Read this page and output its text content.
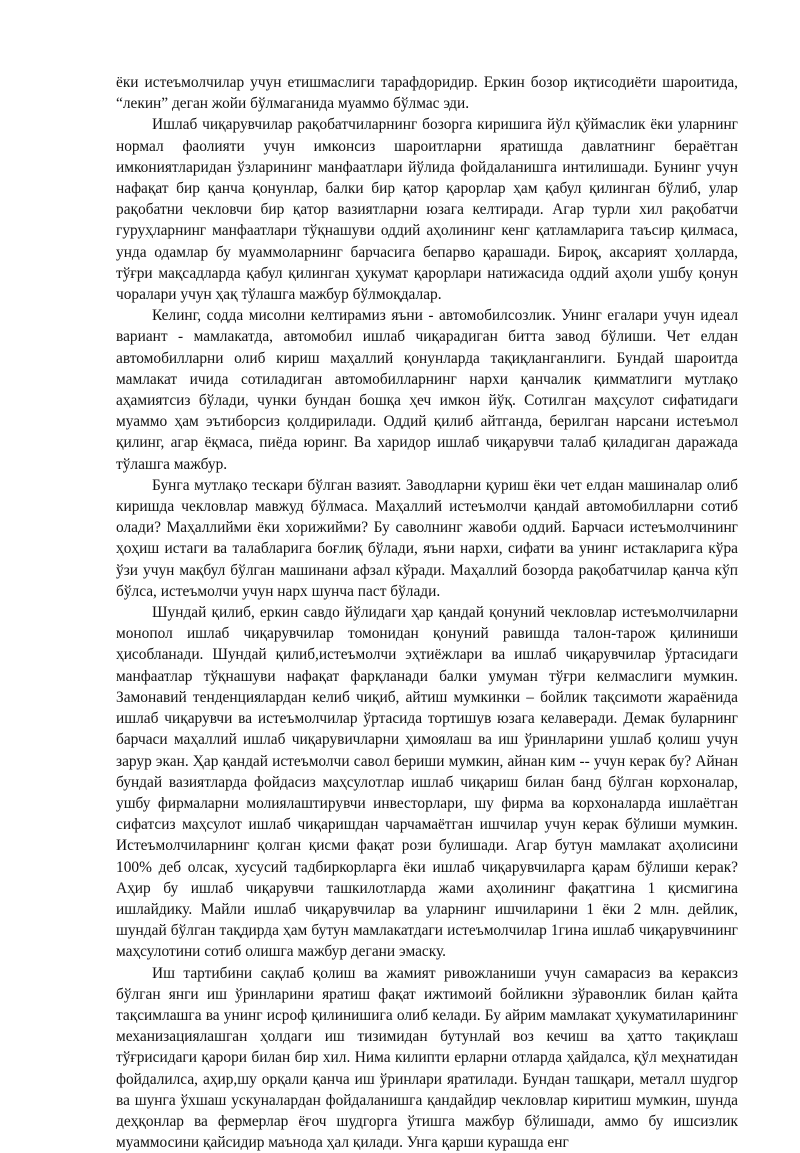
ёки истеъмолчилар учун етишмаслиги тарафдоридир. Еркин бозор иқтисодиёти шароитида, “лекин” деган жойи бўлмаганида муаммо бўлмас эди.

Ишлаб чиқарувчилар рақобатчиларнинг бозорга киришига йўл қўймаслик ёки уларнинг нормал фаолияти учун имконсиз шароитларни яратишда давлатнинг бераётган имкониятларидан ўзларининг манфаатлари йўлида фойдаланишга интилишади. Бунинг учун нафақат бир қанча қонунлар, балки бир қатор қарорлар ҳам қабул қилинган бўлиб, улар рақобатни чекловчи бир қатор вазиятларни юзага келтиради. Агар турли хил рақобатчи гуруҳларнинг манфаатлари тўқнашуви оддий аҳолининг кенг қатламларига таъсир қилмаса, унда одамлар бу муаммоларнинг барчасига бепарво қарашади. Бироқ, аксарият ҳолларда, тўғри мақсадларда қабул қилинган ҳукумат қарорлари натижасида оддий аҳоли ушбу қонун чоралари учун ҳақ тўлашга мажбур бўлмоқдалар.

Келинг, содда мисолни келтирамиз яъни - автомобилсозлик. Унинг егалари учун идеал вариант - мамлакатда, автомобил ишлаб чиқарадиган битта завод бўлиши. Чет елдан автомобилларни олиб кириш маҳаллий қонунларда тақиқланганлиги. Бундай шароитда мамлакат ичида сотиладиган автомобилларнинг нархи қанчалик қимматлиги мутлақо аҳамиятсиз бўлади, чунки бундан бошқа ҳеч имкон йўқ. Сотилган маҳсулот сифатидаги муаммо ҳам эътиборсиз қолдирилади. Оддий қилиб айтганда, берилган нарсани истеъмол қилинг, агар ёқмаса, пиёда юринг. Ва харидор ишлаб чиқарувчи талаб қиладиган даражада тўлашга мажбур.

Бунга мутлақо тескари бўлган вазият. Заводларни қуриш ёки чет елдан машиналар олиб киришда чекловлар мавжуд бўлмаса. Маҳаллий истеъмолчи қандай автомобилларни сотиб олади? Маҳаллийми ёки хорижийми? Бу саволнинг жавоби оддий. Барчаси истеъмолчининг ҳоҳиш истаги ва талабларига боғлиқ бўлади, яъни нархи, сифати ва унинг истакларига кўра ўзи учун мақбул бўлган машинани афзал кўради. Маҳаллий бозорда рақобатчилар қанча кўп бўлса, истеъмолчи учун нарх шунча паст бўлади.

Шундай қилиб, еркин савдо йўлидаги ҳар қандай қонуний чекловлар истеъмолчиларни монопол ишлаб чиқарувчилар томонидан қонуний равишда талон-тарож қилиниши ҳисобланади. Шундай қилиб,истеъмолчи эҳтиёжлари ва ишлаб чиқарувчилар ўртасидаги манфаатлар тўқнашуви нафақат фарқланади балки умуман тўғри келмаслиги мумкин. Замонавий тенденциялардан келиб чиқиб, айтиш мумкинки – бойлик тақсимоти жараёнида ишлаб чиқарувчи ва истеъмолчилар ўртасида тортишув юзага келаверади. Демак буларнинг барчаси маҳаллий ишлаб чиқарувичларни ҳимоялаш ва иш ўринларини ушлаб қолиш учун зарур экан. Ҳар қандай истеъмолчи савол бериши мумкин, айнан ким -- учун керак бу? Айнан бундай вазиятларда фойдасиз маҳсулотлар ишлаб чиқариш билан банд бўлган корхоналар, ушбу фирмаларни молиялаштирувчи инвесторлари, шу фирма ва корхоналарда ишлаётган сифатсиз маҳсулот ишлаб чиқаришдан чарчамаётган ишчилар учун керак бўлиши мумкин. Истеъмолчиларнинг қолган қисми фақат рози булишади. Агар бутун мамлакат аҳолисини 100% деб олсак, хусусий тадбиркорларга ёки ишлаб чиқарувчиларга қарам бўлиши керак? Аҳир бу ишлаб чиқарувчи ташкилотларда жами аҳолининг фақатгина 1 қисмигина ишлайдику. Майли ишлаб чиқарувчилар ва уларнинг ишчиларини 1 ёки 2 млн. дейлик, шундай бўлган тақдирда ҳам бутун мамлакатдаги истеъмолчилар 1гина ишлаб чиқарувчининг маҳсулотини сотиб олишга мажбур дегани эмаску.

Иш тартибини сақлаб қолиш ва жамият ривожланиши учун самарасиз ва кераксиз бўлган янги иш ўринларини яратиш фақат ижтимоий бойликни зўравонлик билан қайта тақсимлашга ва унинг исроф қилинишига олиб келади. Бу айрим мамлакат ҳукуматиларининг механизациялашган ҳолдаги иш тизимидан бутунлай воз кечиш ва ҳатто тақиқлаш тўғрисидаги қарори билан бир хил. Нима килипти ерларни отларда ҳайдалса, қўл меҳнатидан фойдалилса, аҳир,шу орқали қанча иш ўринлари яратилади. Бундан ташқари, металл шудгор ва шунга ўхшаш ускуналардан фойдаланишга қандайдир чекловлар киритиш мумкин, шунда деҳқонлар ва фермерлар ёғоч шудгорга ўтишга мажбур бўлишади, аммо бу ишсизлик муаммосини қайсидир маънода ҳал қилади. Унга қарши курашда енг
